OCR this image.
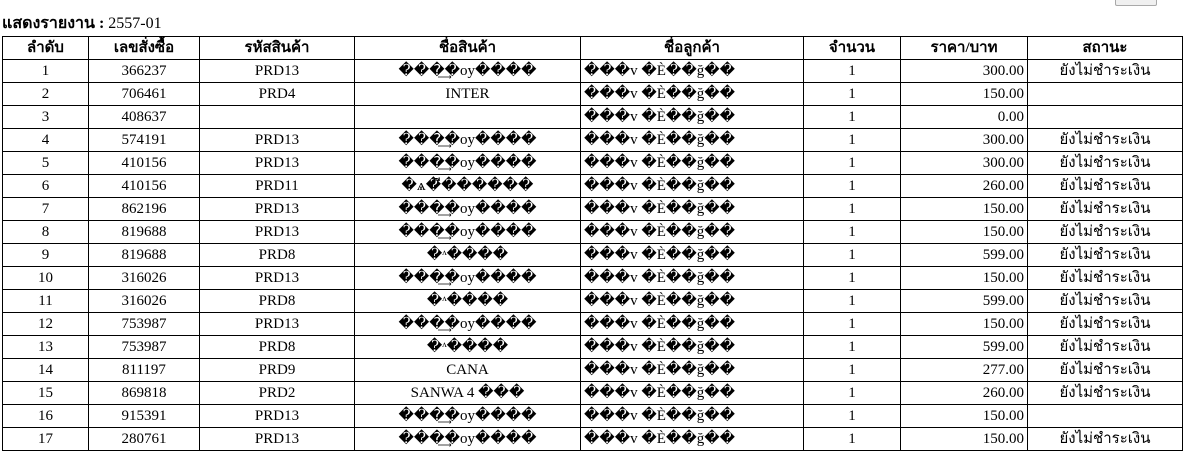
แสดงรายงาน : 2557-01
ลำดับ	เลขสั่งซื้อ	รหัสสินค้า	ชื่อสินค้า	ชื่อลูกค้า	จำนวน	ราคา/บาท	สถานะ
1	366237	PRD13	���͢�oy����	���v �Ѐ��ğ��	1	300.00	ยังไม่ชำระเงิน
2	706461	PRD4	INTER	���v �Ѐ��ğ��	1	150.00	
3	408637			���v �Ѐ��ğ��	1	0.00	
4	574191	PRD13	���͢�oy����	���v �Ѐ��ğ��	1	300.00	ยังไม่ชำระเงิน
5	410156	PRD13	���͢�oy����	���v �Ѐ��ğ��	1	300.00	ยังไม่ชำระเงิน
6	410156	PRD11	�ѧ�ี������	���v �Ѐ��ğ��	1	260.00	ยังไม่ชำระเงิน
7	862196	PRD13	���͢�oy����	���v �Ѐ��ğ��	1	150.00	ยังไม่ชำระเงิน
8	819688	PRD13	���͢�oy����	���v �Ѐ��ğ��	1	150.00	ยังไม่ชำระเงิน
9	819688	PRD8	�ᶺ����	���v �Ѐ��ğ��	1	599.00	ยังไม่ชำระเงิน
10	316026	PRD13	���͢�oy����	���v �Ѐ��ğ��	1	150.00	ยังไม่ชำระเงิน
11	316026	PRD8	�ᶺ����	���v �Ѐ��ğ��	1	599.00	ยังไม่ชำระเงิน
12	753987	PRD13	���͢�oy����	���v �Ѐ��ğ��	1	150.00	ยังไม่ชำระเงิน
13	753987	PRD8	�ᶺ����	���v �Ѐ��ğ��	1	599.00	ยังไม่ชำระเงิน
14	811197	PRD9	CANA	���v �Ѐ��ğ��	1	277.00	ยังไม่ชำระเงิน
15	869818	PRD2	SANWA 4 ���	���v �Ѐ��ğ��	1	260.00	ยังไม่ชำระเงิน
16	915391	PRD13	���͢�oy����	���v �Ѐ��ğ��	1	150.00	
17	280761	PRD13	���͢�oy����	���v �Ѐ��ğ��	1	150.00	ยังไม่ชำระเงิน
